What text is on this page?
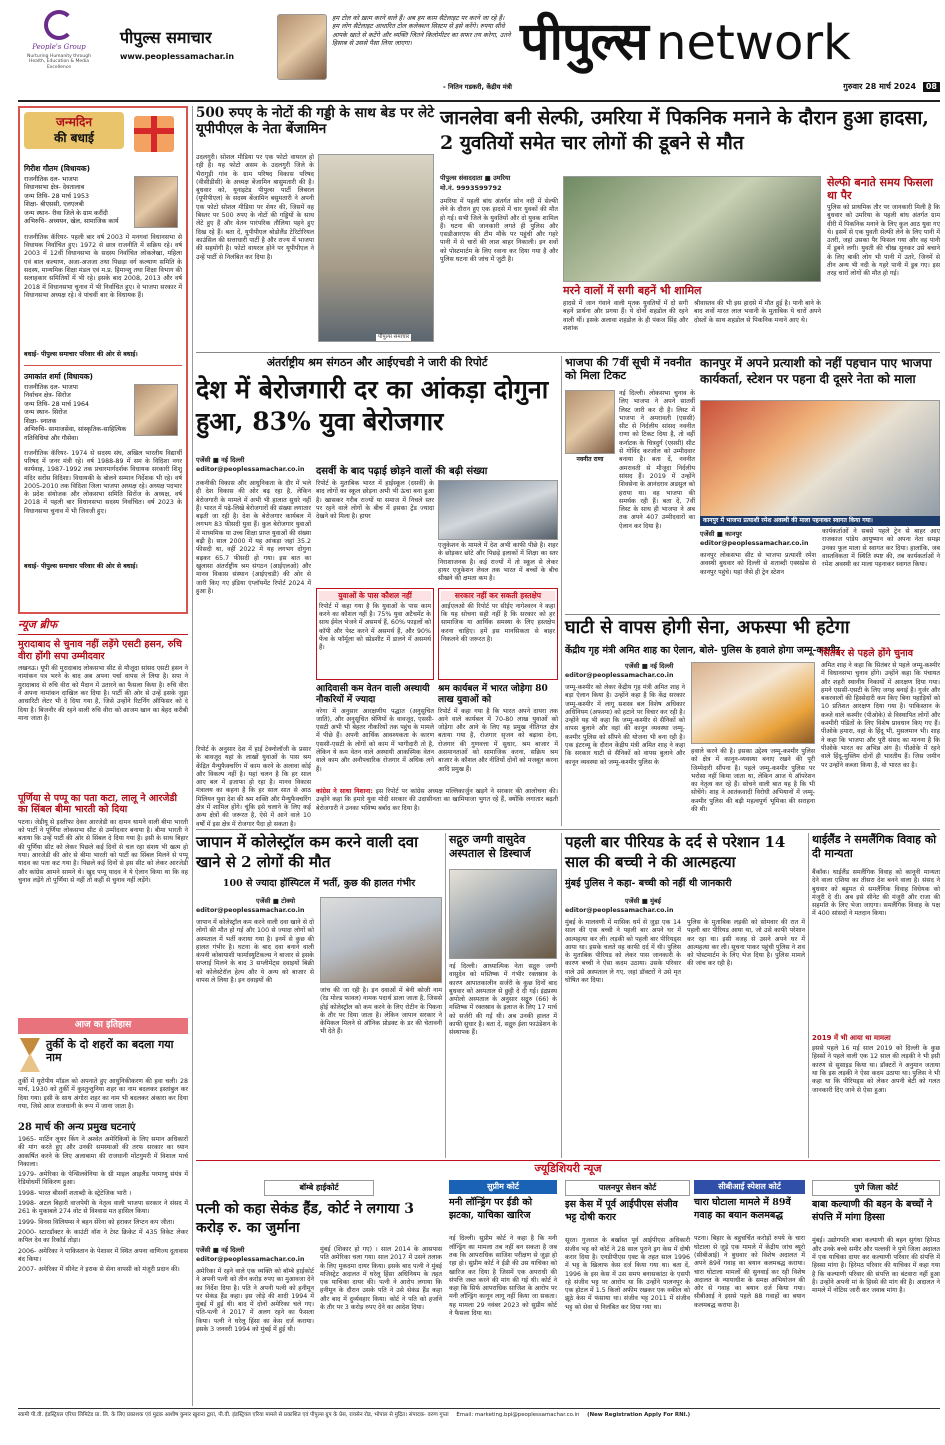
People's Group
Nurturing Humanity through Health, Education & Media Excellence
पीपुल्स समाचार
www.peoplessamachar.in
हम टोल को ख़त्म करने वाले हैं। अब हम काम सैटेलाइट पर करने जा रहे हैं। हम लोग सैटेलाइट आधारित टोल कलेक्शन सिस्टम से इसे करेंगे। रुपया सीधे आपके खाते से कटेंगे और व्यक्ति जितने किलोमीटर का सफर तय करेगा, उतने हिसाब से उससे पैसा लिया जाएगा।
- नितिन गडकरी, केंद्रीय मंत्री
पीपुल्स network
गुरुवार 28 मार्च 2024 08
जन्मदिन
की बधाई
गिरीश गौतम (विधायक)
राजनीतिक दल- भाजपा
विधानसभा क्षेत्र- देवतालाब
जन्म तिथि- 28 मार्च 1953
शिक्षा- बीएससी, एलएलबी
जन्म स्थान- रीवा जिले के ग्राम करौंदी
अभिरुचि- अध्ययन, खेल, सामाजिक कार्य
राजनीतिक कॅरियर- पहली बार वर्ष 2003 में मनगवां विधानसभा से विधायक निर्वाचित हुए। 1972 से छात्र राजनीति में सक्रिय रहे। वर्ष 2003 में 12वीं विधानसभा के सदस्य निर्वाचित लोकलेखा, महिला एवं बाल कल्याण, अजा-अजजा तथा पिछड़ा वर्ग कल्याण समिति के सदस्य, मान्यमिक शिक्षा मंडल एवं म.प्र. हिमान्शु तथा शिक्षा विभाग की सलाहकार समितियों में भी रहे। इसके बाद 2008, 2013 और वर्ष 2018 में विधानसभा चुनाव में भी निर्वाचित हुए। वे भाजपा सरकार में विधानसभा अध्यक्ष रहे। वे पांचवीं बार के विधायक हैं।
बधाई- पीपुल्स समाचार परिवार की ओर से बधाई।
उमाकांत शर्मा (विधायक)
राजनीतिक दल- भाजपा
निर्वाचन क्षेत्र- सिरोंज
जन्म तिथि- 28 मार्च 1964
जन्म स्थान- सिरोंज
शिक्षा- स्नातक
अभिरुचि- सामाजसेवा, सांस्कृतिक-साहित्यिक गतिविधियां और गौसेवा।
राजनीतिक कॅरियर- 1974 से सदस्य संघ, अखिल भारतीय विद्यार्थी परिषद में जनर मंत्री रहे। वर्ष 1988-89 में सम के विदिशा नगर कार्यवाह, 1987-1992 तक प्रचारमार्गदर्शक विधायक सरकारी शिशु मंदिर सरोंस विदिशा। विधायकी के बोलने सम्मान निर्देशक भी रहे। वर्ष 2005-2010 तक विदिशा जिला भाजपा अध्यक्ष रहे। अध्यक्ष पदभार के प्रदेश संयोजक और लोकसभा समिति सिरोंज के अध्यक्ष, वर्ष 2018 में पहली बार विधानसभा सदस्य निर्वाचित। वर्ष 2023 के विधानसभा चुनाव में भी जिवजी हुए।
बधाई- पीपुल्स समाचार परिवार की ओर से बधाई।
न्यूज ब्रीफ
मुरादाबाद से चुनाव नहीं लड़ेंगे एसटी हसन, रुचि वीरा होंगी सपा उम्मीदवार
लखनऊ। यूपी की मुरादाबाद लोकसभा सीट से मौजूदा सांसद एसटी हसन ने नामांकन पत्र भरने के बाद अब अपना पर्चा वापस ले लिया है। सपा ने मुरादाबाद से रुचि वीरा को मैदान में उतारने का फैसला किया है। रुचि वीरा ने अपना नामांकन दाखिल कर दिया है। पार्टी की ओर से उन्हें इसके जुड़ा आधारिटी लेटर भी दे दिया गया है, जिसे उन्होंने रिटर्निंग ऑफिसर को दे दिया है। बिजनौर की रहने वाली रुचि वीरा को आजम खान का बेहद करीबी माना जाता है।
पूर्णिया से पप्पू का पता कटा, लालू ने आरजेडी का सिंबल बीमा भारती को दिया
पटना। जेडीयू से इस्तीफा देकर आरजेडी का दामन थामने वाली बीमा भारती को पार्टी ने पूर्णिया लोकसभा सीट से उम्मीदवार बनाया है। बीमा भारती ने बताया कि उन्हें पार्टी की ओर से सिंबल दे दिया गया है। इसी के साथ बिहार की पूर्णिया सीट को लेकर पिछले कई दिनों से चल रहा संशय भी खत्म हो गया। आरजेडी की ओर से बीमा भारती को पार्टी का सिंबल मिलने से पप्पू यादव का पता कट गया है। पिछले कई दिनों से इस सीट को लेकर आरजेडी और कांग्रेस आमने सामने थे। खुद पप्पू यादव ने ये ऐलान किया था कि वह चुनाव लड़ेंगे तो पूर्णिया से नहीं तो कहीं से चुनाव नहीं लड़ेंगे।
आज का इतिहास
तुर्की के दो शहरों का बदला गया नाम
तुर्की में यूरोपीय मॉडल को अपनाते हुए आधुनिकीकरण की हवा चली। 28 मार्च, 1930 को तुर्की में कुस्तुन्तुनिया शहर का नाम बदलकर इस्तांबुल कर दिया गया। इसी के साथ अंगोरा शहर का नाम भी बदलकर अंकारा कर दिया गया, जिसे आज राजधानी के रूप में जाना जाता है।
28 मार्च की अन्य प्रमुख घटनाएं

1965- मार्टिन लूथर किंग ने अश्वेत अमेरिकियों के लिए समान अधिकारों की मांग करते हुए और उनकी समस्याओं की तरफ सरकार का ध्यान आकर्षित करने के लिए अलाबामा की राजधानी मोंटगुमरी में विशाल मार्च निकाला।

1979- अमेरिका के पेन्सिलवेनिया के थ्री माइल आइलैंड परमाणु संयंत्र में रेडियोधर्मी विकिरण हुआ।

1998- भारत बीसवीं शताब्दी के स्ट्रेटेजिक भारी ।

1998- अटल बिहारी वाजपेयी के नेतृत्व वाली भाजपा सरकार ने संसद में 261 के मुकाबले 274 वोट से विश्वास मत हासिल किया।

1999- विनस विलियम्स ने बहन सेरेना को हराकर लिप्टन कप जीता।

2000- स्टारडॉक्टर के काउंटी वॉश ने टेस्ट क्रिकेट में 435 विकेट लेकर कपिल देव का रिकॉर्ड तोड़ा।

2006- अमेरिका ने पाकिस्तान के पेशावर में स्थित अपना वाणिज्य दूतावास बंद किया।

2007- अमेरिका में सीनेट ने इराक से सेना वापसी को मंजूरी प्रदान की।

500 रुपए के नोटों की गड्डी के साथ बेड पर लेटे यूपीपीएल के नेता बेंजामिन
उदलगुरी। सोशल मीडिया पर एक फोटो वायरल हो रही है। यह फोटो असम के उदलगुरी जिले के भैरागुड़ी गांव के ग्राम परिषद विकास परिषद (वीसीडीसी) के अध्यक्ष बेंजामिन बासुमतारी की है। बुधवार को, यूनाइटेड पीपुल्स पार्टी लिबरल (यूपीपीएल) के सदस्य बेंजामिन बसुमतारी ने अपनी एक फोटो सोशल मीडिया पर शेयर की, जिसमें वह बिस्तर पर 500 रुपए के नोटों की गड्डियों के साथ लेटे हुए हैं और वेतन पारंपरिक तौलिया पहने हुए दिख रहे हैं। बता दें, यूपीपीएल बोडोलैंड टेरिटोरियल काउंसिल की सत्ताधारी पार्टी है और राज्य में भाजपा की सहयोगी है। फोटो वायरल होने पर यूपीपीएल ने उन्हें पार्टी से निलंबित कर दिया है।
पीपुल्स समाचार
जानलेवा बनी सेल्फी, उमरिया में पिकनिक मनाने के दौरान हुआ हादसा, 2 युवतियों समेत चार लोगों की डूबने से मौत
पीपुल्स संवाददाता ■ उमरिया
मो.नं. 9993599792
उमरिया में पहली बांध अंतर्गत सोन नदी में सेल्फी लेने के दौरान हुए एक हादसे में चार युवकों की मौत हो गई। सभी जिले के युवतियों और दो युवक शामिल हैं। घटना की जानकारी लगते ही पुलिस और एसडीआरएफ की टीम मौके पर पहुंची और गहरे पानी में से चारों की लाश बाहर निकाली। इन शवों को पोस्टमार्टम के लिए रवाना कर दिया गया है और पुलिस घटना की जांच में जुटी है।
मरने वालों में सगी बहनें भी शामिल
हादसे में जान गंवाने वाली मृतक युवतियों में दो सगी बहनें प्रार्थना और प्रगया हैं। ये दोनों शहडोल की रहने वाली थीं। इसके अलावा शहडोल के ही पंकज सिंह और शशांक
श्रीवास्तव की भी इस हादसे में मौत हुई है। पानी बाने के बाद शवों मारत लाल भवानी के मुताबिक ये चारों अपने दोस्तों के साथ शहडोल से पिकनिक मनाने आए थे।
सेल्फी बनाते समय फिसला था पैर
पुलिस को प्राथमिक तौर पर जानकारी मिली है कि बुधवार को उमरिया के पहली बांध अंतर्गत ग्राम वीरी में पिकनिक मनाने के लिए कुल आठ युवा गए थे। इसमें से एक युवती सेल्फी लेने के लिए पानी में उतरी, जहां उसका पैर फिसल गया और वह पानी में डूबने लगी। युवती की चीख सुनकर उसे बचाने के लिए बाकी लोग भी पानी में उतरे, जिनमें से तीन अन्य भी नदी के गहरे पानी में डूब गए। इस तरह चारों लोगों की मौत हो गई।
अंतर्राष्ट्रीय श्रम संगठन और आईएचडी ने जारी की रिपोर्ट
देश में बेरोजगारी दर का आंकड़ा दोगुना हुआ, 83% युवा बेरोजगार
एजेंसी ■ नई दिल्ली
editor@peoplessamachar.co.in दसवीं के बाद पढ़ाई छोड़ने वालों की बढ़ी संख्या
तकनीकी विकास और आधुनिकता के दौर में भले ही देश विकास की ओर बढ़ रहा है, लेकिन बेरोजगारी के मामले में अभी भी हालात सुधरे नहीं हैं। भारत में पढ़े-लिखे बेरोजगारों की संख्या लगातार बढ़ती जा रही है। देश के बेरोजगार कार्यबल में लगभग 83 फीसदी युवा हैं। कुल बेरोजगार युवाओं में माध्यमिक या उच्च शिक्षा प्राप्त युवाओं की संख्या बढ़ी है। साल 2000 में यह आंकड़ा जहां 35.2 फीसदी था, वहीं 2022 में यह लगभग दोगुना बढ़कर 65.7 फीसदी हो गया। इस बात का खुलासा अंतर्राष्ट्रीय श्रम संगठन (आईएलओ) और मानव विकास संस्थान (आईएचडी) की ओर से जारी किए गए इंडिया एंप्लॉयमेंट रिपोर्ट 2024 में हुआ है।
रिपोर्ट के मुताबिक भारत में हाईस्कूल (दसवीं) के बाद लोगों का स्कूल छोड़ना अभी भी ऊंचा बना हुआ है। खासकर गरीब राज्यों या समाज में निचले स्तर पर रहने वाले लोगों के बीच में इसका ट्रेंड ज्यादा देखने को मिला है। हायर
एजुकेशन के मामले में देश अभी काफी पीछे है। शहर के छोड़कर छोटे और पिछड़े इलाकों में शिक्षा का स्तर निराशाजनक है। कई राज्यों में तो स्कूल से लेकर हायर एजुकेशन लेवल तक भारत में बच्चों के बीच सीखने की क्षमता कम है।
युवाओं के पास कौशल नहीं
रिपोर्ट में कहा गया है कि युवाओं के पास काम करने का कौशल नहीं है। 75% युवा अटैचमेंट के साथ ईमेल भेजने में असमर्थ हैं, 60% फाइलों को कॉपी और पेस्ट करने में असमर्थ हैं, और 90% फेंच के फॉर्मूला को स्प्रेडशीट में डालने में असमर्थ हैं।
सरकार नहीं कर सकती हस्तक्षेप
आईएलओ की रिपोर्ट पर सीईए नागेश्वरन ने कहा कि यह सोचना सही नहीं है कि सरकार को हर सामाजिक या आर्थिक समस्या के लिए हस्तक्षेप करना चाहिए। हमें इस मानसिकता से बाहर निकलने की जरूरत है।
आदिवासी कम वेतन वाली अस्थायी नौकरियों में ज्यादा
नरेगा में अनुसार आरक्षणीय पद्धात (अनुसूचित जाति), और अनुसूचित श्रेणियों के वावजूद, एससी-एसटी अभी भी बेहतर नौकरियों तक पहुंच के मामले में पीछे हैं। अपनी आर्थिक आवश्यकता के कारण एससी-एसटी के लोगों को काम में भागीदारी तो है, लेकिन ये कम वेतन वाले अस्थायी आकस्मिक वेतन वाले काम और अनौपचारिक रोजगार में अधिक लगे हैं।
श्रम कार्यबल में भारत जोड़ेगा 80 लाख युवाओं को
रिपोर्ट में कहा गया है कि भारत अपने दायरा तक आने वाले कार्यबल में 70-80 लाख युवाओं को जोड़ेगा और आने के लिए यह प्रमुख नीतिगत क्षेत्र बताया गया है, रोजगार सृजन को बढ़ावा देना, रोजगार की गुणवत्ता में सुधार, श्रम बाजार में असमानताओं को सामाजिक करना, सक्रिय श्रम बाजार के कौशल और नीतियों दोनों को मजबूत करना आदि प्रमुख हैं।
रिपोर्ट के अनुसार देश में हाई टेक्नोलॉजी के प्रसार के बावजूद यहां के लाखों युवाओं के पास श्रम केंद्रित मैन्युफैक्चरिंग में काम करने के अलावा कोई और विकल्प नहीं है। यहां चलन है कि हर साल आए बल में इजाफा हो रहा है। मानव विकास मंत्रालय का कहना है कि हर साल सात से आठ मिलियन युवा देश की श्रम शक्ति और मैन्युफैक्चरिंग क्षेत्र में शामिल होंगे। चूंकि इसे चलाने के लिए कई अन्य क्षेत्रों की जरूरत है, ऐसे में आने वाले 10 वर्षों में इस क्षेत्र में रोजगार पैदा हो सकता है।
कांग्रेस ने साधा निशाना: इस रिपोर्ट पर कांग्रेस अध्यक्ष मल्लिकार्जुन खड़गे ने सरकार की आलोचना की। उन्होंने कहा कि हमारे युवा मोदी सरकार की उदासीनता का खामियाजा भुगत रहे हैं, क्योंकि लगातार बढ़ती बेरोजगारी ने उनका भविष्य बर्बाद कर दिया है।
भाजपा की 7वीं सूची में नवनीत को मिला टिकट
नवनीत राणा
नई दिल्ली। लोकसभा चुनाव के लिए भाजपा ने अपने सातवीं लिस्ट जारी कर दी है। लिस्ट में भाजपा ने अमरावती (एससी) सीट से निर्दलीय सांसद नवनीत राणा को टिकट दिया है, तो वहीं कर्नाटक के चित्रदुर्ग (एससी) सीट से गोविंद करजोल को उम्मीदवार बनाया है। बता दें, नवनीत अमरावती से मौजूदा निर्दलीय सांसद हैं। 2019 में उन्होंने शिवसेना के आनंदराव अडसुल को हराया था। वह भाजपा की समर्थक रही हैं। बता दें, 7वीं लिस्ट के साथ ही भाजपा ने अब तक अपने 407 उम्मीदवारों का ऐलान कर दिया है।
कानपुर में अपने प्रत्याशी को नहीं पहचान पाए भाजपा कार्यकर्ता, स्टेशन पर पहना दी दूसरे नेता को माला
कानपुर में भाजपा प्रत्याशी रमेश अवस्थी की माला पहनाकर स्वागत किया गया।
एजेंसी ■ कानपुर
editor@peoplessamachar.co.in
कानपुर लोकसभा सीट से भाजपा प्रत्याशी रमेश अवस्थी बुधवार को दिल्ली से शताब्दी एक्सप्रेस से कानपुर पहुंचे। यहां जैसे ही ट्रेन स्टेशन
कार्यकर्ताओं ने सबसे पहले ट्रेन से बाहर आए राजकाज पांडेय आयुष्मान को अपना नेता समझ उनका फूल माला से स्वागत कर दिया। हालांकि, जब वास्तविकता में स्थिति स्पष्ट की, तब कार्यकर्ताओं ने रमेश अवस्थी का माला पहनाकर स्वागत किया।
घाटी से वापस होगी सेना, अफस्पा भी हटेगा
केंद्रीय गृह मंत्री अमित शाह का ऐलान, बोले- पुलिस के हवाले होगा जम्मू-कश्मीर
एजेंसी ■ नई दिल्ली
editor@peoplessamachar.co.in
जम्मू-कश्मीर को लेकर केंद्रीय गृह मंत्री अमित शाह ने बड़ा ऐलान किया है। उन्होंने कहा है कि केंद्र सरकार जम्मू-कश्मीर में लागू सशस्त्र बल विशेष अधिकार अधिनियम (अफस्पा) को हटाने पर विचार कर रही है। उन्होंने यह भी कहा कि जम्मू-कश्मीर से सैनिकों को वापस बुलाने और वहां की कानून व्यवस्था जम्मू-कश्मीर पुलिस को सौंपने की योजना भी बना रही है। एक इंटरव्यू के दौरान केंद्रीय मंत्री अमित शाह ने कहा कि सरकार घाटी से सैनिकों को वापस बुलाने और कानून व्यवस्था को जम्मू-कश्मीर पुलिस के
हवाले करने की है। इसका उद्देश्य जम्मू-कश्मीर पुलिस को क्षेत्र में कानून-व्यवस्था बनाए रखने की पूरी जिम्मेदारी सौंपना है। पहले जम्मू-कश्मीर पुलिस पर भरोसा नहीं किया जाता था, लेकिन आज ये ऑपरेशन का नेतृत्व कर रहे हैं। सोचने वाली बात यह है कि भी सोचेंगे। शाह ने आतंकवादी विरोधी अभियानों में जम्मू-कश्मीर पुलिस की बढ़ी महत्वपूर्ण भूमिका की सराहना की थी।
सितंबर से पहले होंगे चुनाव
अमित शाह ने कहा कि सितंबर से पहले जम्मू-कश्मीर में विधानसभा चुनाव होंगे। उन्होंने कहा कि पंचायत और शहरी स्थानीय निकायों में आरक्षण दिया गया। हमने एससी-एसटी के लिए जगह बनाई है। गुर्जर और बकरवालों की हिस्सेदारी कम किए बिना पहाड़ियों को 10 प्रतिशत आरक्षण दिया गया है। पाकिस्तान के कब्जे वाले कश्मीर (पीओके) से विस्थापित लोगों और कश्मीरी पंडितों के लिए विशेष प्रावधान किए गए हैं। पीओके हमारा, वहां के हिंदू भी, मुसलमान भी। शाह ने कहा कि भाजपा और पूरी संसद का मानना है कि पीओके भारत का अभिन्न अंग है। पीओके में रहने वाले हिंदू-मुस्लिम दोनों ही भारतीय हैं। जिस जमीन पर उन्होंने कब्जा किया है, वो भारत का है।
जापान में कोलेस्ट्रॉल कम करने वाली दवा खाने से 2 लोगों की मौत
100 से ज्यादा हॉस्पिटल में भर्ती, कुछ की हालत गंभीर
एजेंसी ■ टोक्यो
editor@peoplessamachar.co.in
जापान में कोलेस्ट्रॉल कम करने वाली दवा खाने से दो लोगों की मौत हो गई और 100 से ज्यादा लोगों को अस्पताल में भर्ती कराया गया है। इनमें से कुछ की हालत गंभीर है। घटना के बाद दवा बनाने वाली कंपनी कोबायाशी फार्मास्युटिकल्स ने बाजार से इसके सप्लाई मिलने के बाद 3 सप्लीमेंट्स दवाइयों बिक्री को कोलेस्टेरॉल हेल्प और ये अन्य को बाजार से वापस ले लिया है। इन दवाइयों की
जांच की जा रही है। इन दवाओं में बेनी कोजी नाम (रेड मोल्ड फावल) नामक पदार्थ डाला जाता है, जिससे होई कोलेस्ट्रॉल को कम करने के लिए रोटीन के पिकना के तौर पर दिया जाता है। लेकिन जापान सरकार ने केमिकल मिलने से ऑनिक प्रोडक्ट के डर की चेतावनी भी देते हैं।
सद्गुरु जग्गी वासुदेव अस्पताल से डिस्चार्ज
नई दिल्ली। आध्यात्मिक नेता सद्गुरु जग्गी वासुदेव को मस्तिष्क में गंभीर रक्तस्राव के कारण आपातकालीन सर्जरी के कुछ दिनों बाद बुधवार को अस्पताल से छुट्टी दे दी गई। इंद्रप्रस्थ अपोलो अस्पताल के अनुसार सद्गुरु (66) के मस्तिष्क में रक्तस्राव के इलाज के लिए 17 मार्च को सर्जरी की गई थी। अब उनकी हालत में काफी सुधार है। बता दें, सद्गुरु ईशा फाउंडेशन के संस्थापक हैं।
पहली बार पीरियड के दर्द से परेशान 14 साल की बच्ची ने की आत्महत्या
मुंबई पुलिस ने कहा- बच्ची को नहीं थी जानकारी
एजेंसी ■ मुंबई
editor@peoplessamachar.co.in
मुंबई के मालवणी में मासिक धर्म से जुड़ा एक 14 साल की एक बच्ची ने पहली बार अपने घर में आत्महत्या कर ली। लड़की को पहली बार पीरियड्स आया था। इसके चलते वह काफी दर्द में थी। पुलिस के मुताबिक पीरियड को लेकर पास जानकारी के कारण बच्ची ने ऐसा कदम उठाया। उसके परिवार वाले उसे अस्पताल ले गए, जहां डॉक्टरों ने उसे मृत घोषित कर दिया।
पुलिस के मुताबिक लड़की को सोमवार की रात में पहली बार पीरियड आया था, जो उसे काफी परेशान कर रहा था। इसी वजह से उसने अपने घर में आत्महत्या कर ली। सूचना पाकर पहुंची पुलिस ने शव को पोस्टमार्टम के लिए भेज दिया है। पुलिस मामले की जांच कर रही है।
थाईलैंड ने समलैंगिक विवाह को दी मान्यता
बैंकॉक। थाईलैंड समलैंगिक विवाह को कानूनी मान्यता देने वाला एशिया का तीसरा देश बनने वाला है। संसद ने बुधवार को बहुमत से समलैंगिक विवाह विधेयक को मंजूरी दे दी। अब इसे सीनेट की मंजूरी और राजा की सहमति के लिए भेजा जाएगा। समलैंगिक विवाह के पक्ष में 400 सांसदों ने मतदान किया।
2019 में भी आया था मामला
इससे पहले 16 मई साल 2019 को दिल्ली के कुछ हिस्सों ने पहले वाली एक 12 साल की लड़की ने भी इसी कारण से सुसाइड किया था। डॉक्टरों ने अनुमान जताया था कि इस लड़की ने ऐसा कदम उठाया था। पुलिस ने भी कहा था कि पीरियड्स को लेकर अपनी बेटी को गलत जानकारी दिए जाने से ऐसा हुआ।
ज्यूडिशियरी न्यूज
बॉम्बे हाईकोर्ट
पत्नी को कहा सेकंड हैंड, कोर्ट ने लगाया 3 करोड़ रु. का जुर्माना
एजेंसी ■ नई दिल्ली
editor@peoplessamachar.co.in
अमेरिका में रहने वाले एक व्यक्ति को बॉम्बे हाईकोर्ट ने अपनी पत्नी को तीन करोड़ रुपए का मुआवजा देने का निर्देश दिया है। पति ने अपनी पत्नी को हनीमून पर सेकंड हैंड कहा। इस जोड़े की शादी 1994 में मुंबई में हुई थी। बाद में दोनों अमेरिका चले गए। पति-पत्नी ने 2017 में अलग रहने का फैसला किया। पत्नी ने घरेलू हिंसा का केस दर्ज कराया। इसके 3 जनवरी 1994 को मुंबई में हुई थी।
मुंबई (शिकार हो गए) । साल 2014 के आसपास पति अमेरिका चला गया। साल 2017 में उसने तलाक के लिए मुकदमा दायर किया। इसके बाद पत्नी ने मुंबई मजिस्ट्रेट अदालत में घरेलू हिंसा अधिनियम के तहत एक याचिका दायर की। पत्नी ने आरोप लगाया कि हनीमून के दौरान उसके पति ने उसे सेकंड हैंड कहा और बाद में दुर्व्यवहार किया। कोर्ट ने पति को हर्जाने के तौर पर 3 करोड़ रुपए देने का आदेश दिया।
सुप्रीम कोर्ट
मनी लॉन्ड्रिंग पर ईडी को झटका, याचिका खारिज
नई दिल्ली। सुप्रीम कोर्ट ने कहा है कि मनी लॉन्ड्रिंग का मामला तब नहीं बन सकता है जब तक कि आपराधिक साजिश परीक्षण से जुड़ा हो रहा हो। सुप्रीम कोर्ट ने ईडी की उस याचिका को खारिज कर दिया है जिसमें एक अपराधी की संपत्ति जब्त करने की मांग की गई थी। कोर्ट ने कहा कि सिर्फ आपराधिक साजिश के आरोप पर मनी लॉन्ड्रिंग कानून लागू नहीं किया जा सकता। यह मामला 29 नवंबर 2023 को सुप्रीम कोर्ट ने फैसला दिया था।
पालनपुर सेशन कोर्ट
इस केस में पूर्व आईपीएस संजीव भट्ट दोषी करार
सूरत। गुजरात के बर्खास्त पूर्व आईपीएस अधिकारी संजीव भट्ट को कोर्ट ने 28 साल पुराने ड्रग केस में दोषी करार दिया है। एनडीपीएस एक्ट के तहत साल 1996 में भट्ट के खिलाफ केस दर्ज किया गया था। बता दें, 1996 के इस केस में उस समय बनासकांठा के एसपी रहे संजीव भट्ट पर आरोप था कि उन्होंने पालनपुर के एक होटल में 1.5 किलो अफीम रखकर एक वकील को झूठे केस में फंसाया था। संजीव भट्ट 2011 में संजीव भट्ट को सेवा से निलंबित कर दिया गया था।
सीबीआई स्पेशल कोर्ट
चारा घोटाला मामले में 89वें गवाह का बयान कलमबद्ध
पटना। बिहार के बहुचर्चित करोड़ों रुपये के चारा घोटाला से जुड़े एक मामले में केंद्रीय जांच ब्यूरो (सीबीआई) ने बुधवार को विशेष अदालत में अपने 89वें गवाह का बयान कलमबद्ध कराया। चारा घोटाला मामलों की सुनवाई कर रही विशेष अदालत के न्यायाधीश के समक्ष अभियोजन की ओर से गवाह का बयान दर्ज किया गया। सीबीआई ने इससे पहले 88 गवाहों का बयान कलमबद्ध कराया है।
पुणे जिला कोर्ट
बाबा कल्याणी की बहन के बच्चों ने संपत्ति में मांगा हिस्सा
मुंबई। उद्योगपति बाबा कल्याणी की बहन सुगंधा हिरेमठ और उनके बच्चे समीर और पल्लवी ने पुणे जिला अदालत में एक याचिका दायर कर कल्याणी परिवार की संपत्ति में हिस्सा मांगा है। हिरेमठ परिवार की याचिका में कहा गया है कि कल्याणी परिवार की संपत्ति का बंटवारा नहीं हुआ है। उन्होंने अपनी मां के हिस्से की मांग की है। अदालत ने मामले में नोटिस जारी कर जवाब मांगा है।
स्वामी पी.वी. इंडस्ट्रियल एरिया लिमिटेड प्रा. लि. के लिए प्रकाशक एवं मुद्रक आशीष कुमार खुराना द्वारा, पी.वी. इंडस्ट्रियल एरिया मामले से प्रकाशित एवं पीपुल्स ग्रुप के प्रेस, रायसेन रोड, भोपाल से मुद्रित। संपादक- वरुण गुप्ता Email: marketing.bpl@peoplessamachar.co.in (New Registration Apply For RNI.)
